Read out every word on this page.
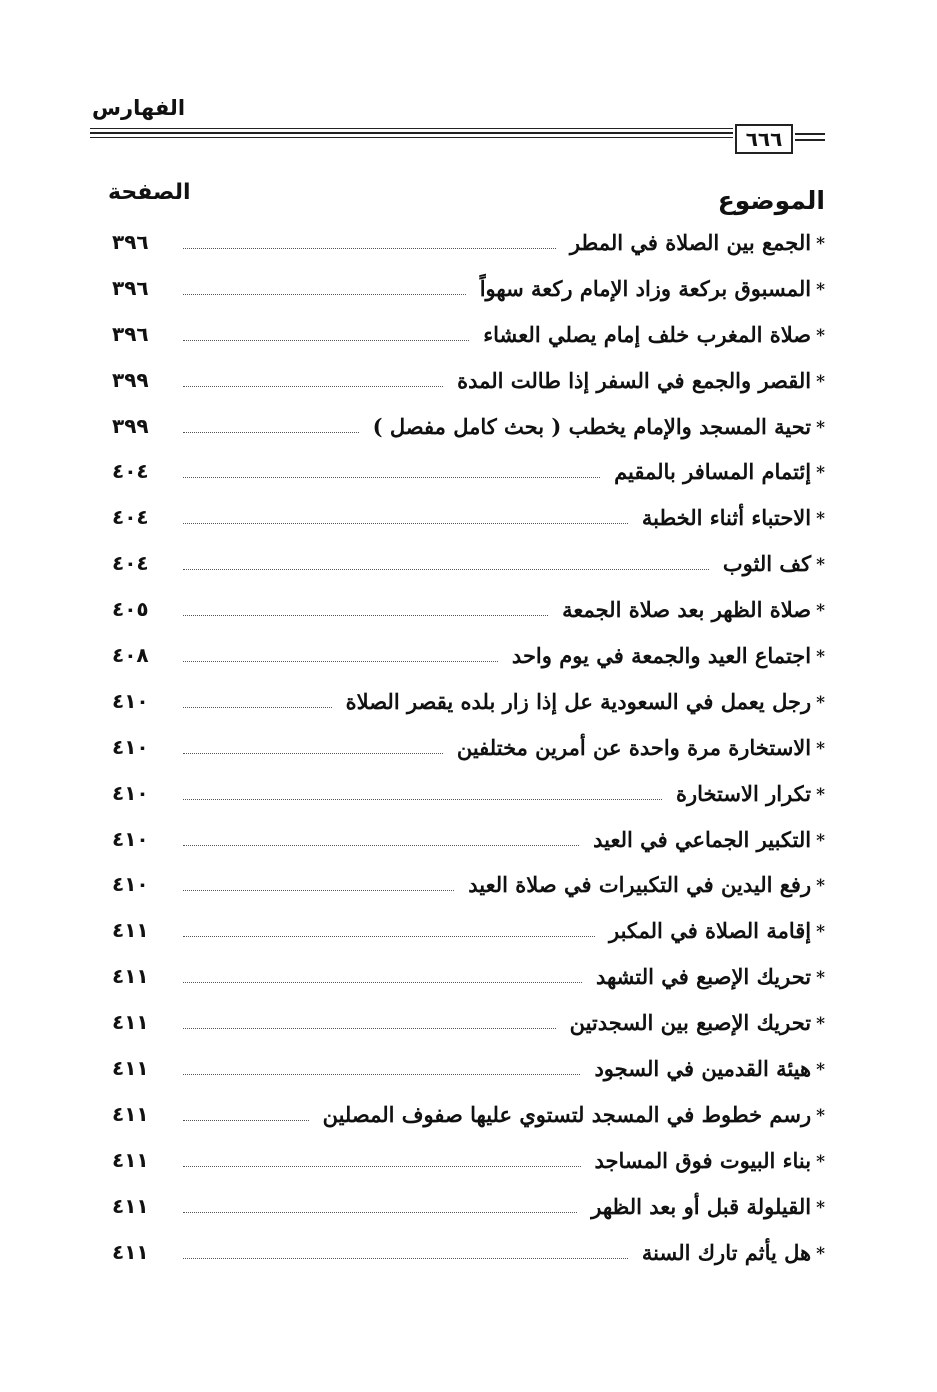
الفهارس
٦٦٦
الموضوع
الصفحة
*الجمع بين الصلاة في المطر
٣٩٦
*المسبوق بركعة وزاد الإمام ركعة سهواً
٣٩٦
*صلاة المغرب خلف إمام يصلي العشاء
٣٩٦
*القصر والجمع في السفر إذا طالت المدة
٣٩٩
*تحية المسجد والإمام يخطب ( بحث كامل مفصل )
٣٩٩
*إئتمام المسافر بالمقيم
٤٠٤
*الاحتباء أثناء الخطبة
٤٠٤
*كف الثوب
٤٠٤
*صلاة الظهر بعد صلاة الجمعة
٤٠٥
*اجتماع العيد والجمعة في يوم واحد
٤٠٨
*رجل يعمل في السعودية عل إذا زار بلده يقصر الصلاة
٤١٠
*الاستخارة مرة واحدة عن أمرين مختلفين
٤١٠
*تكرار الاستخارة
٤١٠
*التكبير الجماعي في العيد
٤١٠
*رفع اليدين في التكبيرات في صلاة العيد
٤١٠
*إقامة الصلاة في المكبر
٤١١
*تحريك الإصبع في التشهد
٤١١
*تحريك الإصبع بين السجدتين
٤١١
*هيئة القدمين في السجود
٤١١
*رسم خطوط في المسجد لتستوي عليها صفوف المصلين
٤١١
*بناء البيوت فوق المساجد
٤١١
*القيلولة قبل أو بعد الظهر
٤١١
*هل يأثم تارك السنة
٤١١
